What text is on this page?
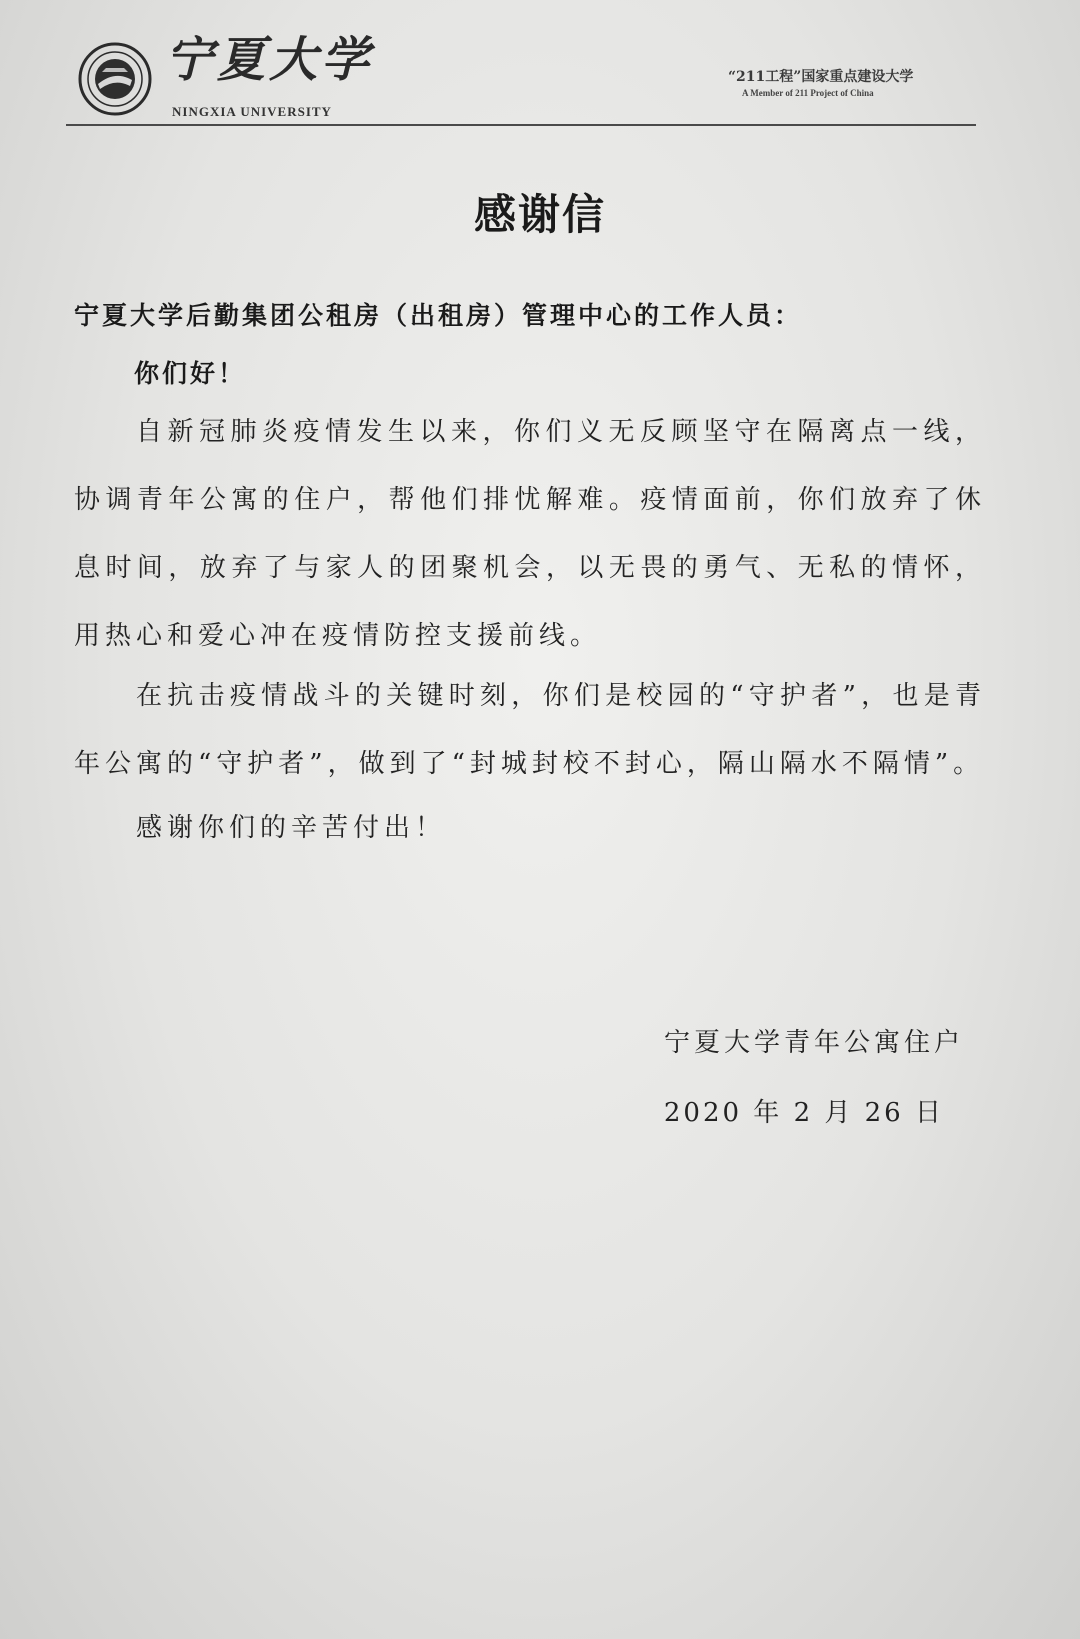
宁夏大学
NINGXIA UNIVERSITY
“211工程”国家重点建设大学
A Member of 211 Project of China
感谢信
宁夏大学后勤集团公租房（出租房）管理中心的工作人员：
你们好！

自新冠肺炎疫情发生以来，你们义无反顾坚守在隔离点一线，协调青年公寓的住户，帮他们排忧解难。疫情面前，你们放弃了休息时间，放弃了与家人的团聚机会，以无畏的勇气、无私的情怀，用热心和爱心冲在疫情防控支援前线。

在抗击疫情战斗的关键时刻，你们是校园的“守护者”，也是青年公寓的“守护者”，做到了“封城封校不封心，隔山隔水不隔情”。

感谢你们的辛苦付出！

宁夏大学青年公寓住户
2020 年 2 月 26 日
